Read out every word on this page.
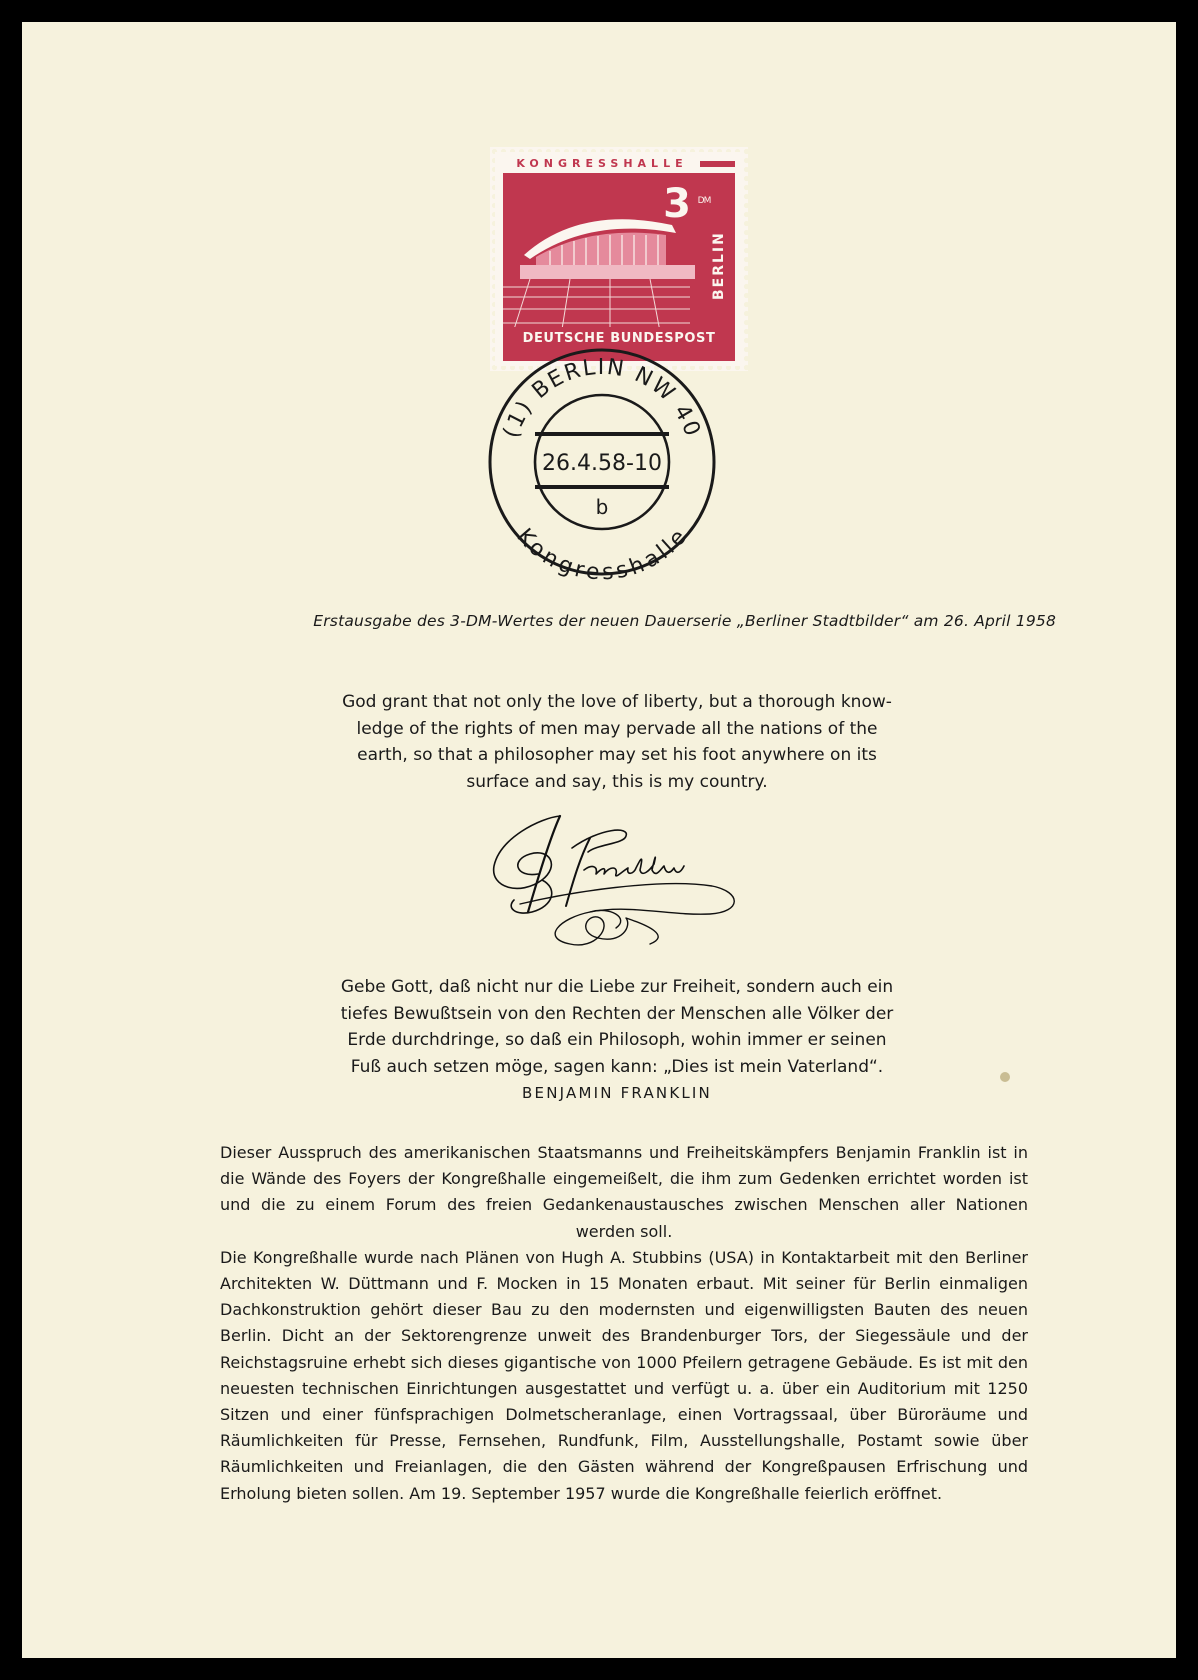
KONGRESSHALLE
3 DM
BERLIN
DEUTSCHE BUNDESPOST
(1) BERLIN NW 40
26.4.58-10
b
Kongresshalle
Erstausgabe des 3-DM-Wertes der neuen Dauerserie „Berliner Stadtbilder“ am 26. April 1958
God grant that not only the love of liberty, but a thorough know-
ledge of the rights of men may pervade all the nations of the
earth, so that a philosopher may set his foot anywhere on its
surface and say, this is my country.
Gebe Gott, daß nicht nur die Liebe zur Freiheit, sondern auch ein
tiefes Bewußtsein von den Rechten der Menschen alle Völker der
Erde durchdringe, so daß ein Philosoph, wohin immer er seinen
Fuß auch setzen möge, sagen kann: „Dies ist mein Vaterland“.
BENJAMIN FRANKLIN

Dieser Ausspruch des amerikanischen Staatsmanns und Freiheitskämpfers Benjamin Franklin ist in die Wände des Foyers der Kongreßhalle eingemeißelt, die ihm zum Gedenken errichtet worden ist und die zu einem Forum des freien Gedankenaustausches zwischen Menschen aller Nationen werden soll.

Die Kongreßhalle wurde nach Plänen von Hugh A. Stubbins (USA) in Kontaktarbeit mit den Berliner Architekten W. Düttmann und F. Mocken in 15 Monaten erbaut. Mit seiner für Berlin einmaligen Dachkonstruktion gehört dieser Bau zu den modernsten und eigenwilligsten Bauten des neuen Berlin. Dicht an der Sektorengrenze unweit des Brandenburger Tors, der Siegessäule und der Reichstagsruine erhebt sich dieses gigantische von 1000 Pfeilern getragene Gebäude. Es ist mit den neuesten technischen Einrichtungen ausgestattet und verfügt u. a. über ein Auditorium mit 1250 Sitzen und einer fünfsprachigen Dolmetscheranlage, einen Vortragssaal, über Büroräume und Räumlichkeiten für Presse, Fernsehen, Rundfunk, Film, Ausstellungshalle, Postamt sowie über Räumlichkeiten und Freianlagen, die den Gästen während der Kongreßpausen Erfrischung und Erholung bieten sollen. Am 19. September 1957 wurde die Kongreßhalle feierlich eröffnet.
